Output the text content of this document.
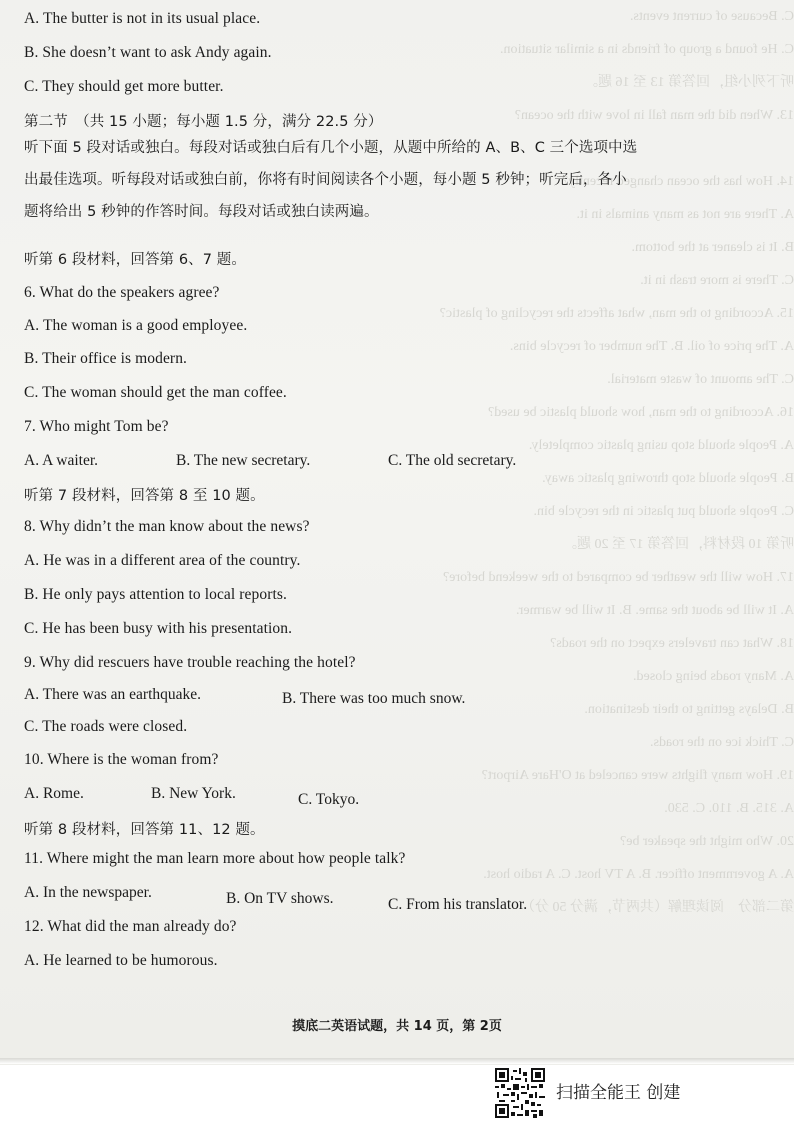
C. Because of current events.
C. He found a group of friends in a similar situation.
听下列小组，回答第 13 至 16 题。
13. When did the man fall in love with the ocean?
14. How has the ocean changed recently?
A. There are not as many animals in it.
B. It is cleaner at the bottom.
C. There is more trash in it.
15. According to the man, what affects the recycling of plastic?
A. The price of oil. B. The number of recycle bins.
C. The amount of waste material.
16. According to the man, how should plastic be used?
A. People should stop using plastic completely.
B. People should stop throwing plastic away.
C. People should put plastic in the recycle bin.
听第 10 段材料，回答第 17 至 20 题。
17. How will the weather be compared to the weekend before?
A. It will be about the same. B. It will be warmer.
18. What can travelers expect on the roads?
A. Many roads being closed.
B. Delays getting to their destination.
C. Thick ice on the roads.
19. How many flights were canceled at O'Hare Airport?
A. 315. B. 110. C. 530.
20. Who might the speaker be?
A. A government officer. B. A TV host. C. A radio host.
第二部分　阅读理解（共两节，满分 50 分）
A. The butter is not in its usual place.
B. She doesn’t want to ask Andy again.
C. They should get more butter.
第二节　（共 15 小题；每小题 1.5 分，满分 22.5 分）
听下面 5 段对话或独白。每段对话或独白后有几个小题，从题中所给的 A、B、C 三个选项中选
出最佳选项。听每段对话或独白前，你将有时间阅读各个小题，每小题 5 秒钟；听完后，各小
题将给出 5 秒钟的作答时间。每段对话或独白读两遍。
听第 6 段材料，回答第 6、7 题。
6. What do the speakers agree?
A. The woman is a good employee.
B. Their office is modern.
C. The woman should get the man coffee.
7. Who might Tom be?
A. A waiter.	B. The new secretary.	C. The old secretary.
听第 7 段材料，回答第 8 至 10 题。
8. Why didn’t the man know about the news?
A. He was in a different area of the country.
B. He only pays attention to local reports.
C. He has been busy with his presentation.
9. Why did rescuers have trouble reaching the hotel?
A. There was an earthquake.	B. There was too much snow.
C. The roads were closed.
10. Where is the woman from?
A. Rome.	B. New York.	C. Tokyo.
听第 8 段材料，回答第 11、12 题。
11. Where might the man learn more about how people talk?
A. In the newspaper.	B. On TV shows.	C. From his translator.
12. What did the man already do?
A. He learned to be humorous.
摸底二英语试题，共 14 页，第 2页
扫描全能王 创建
